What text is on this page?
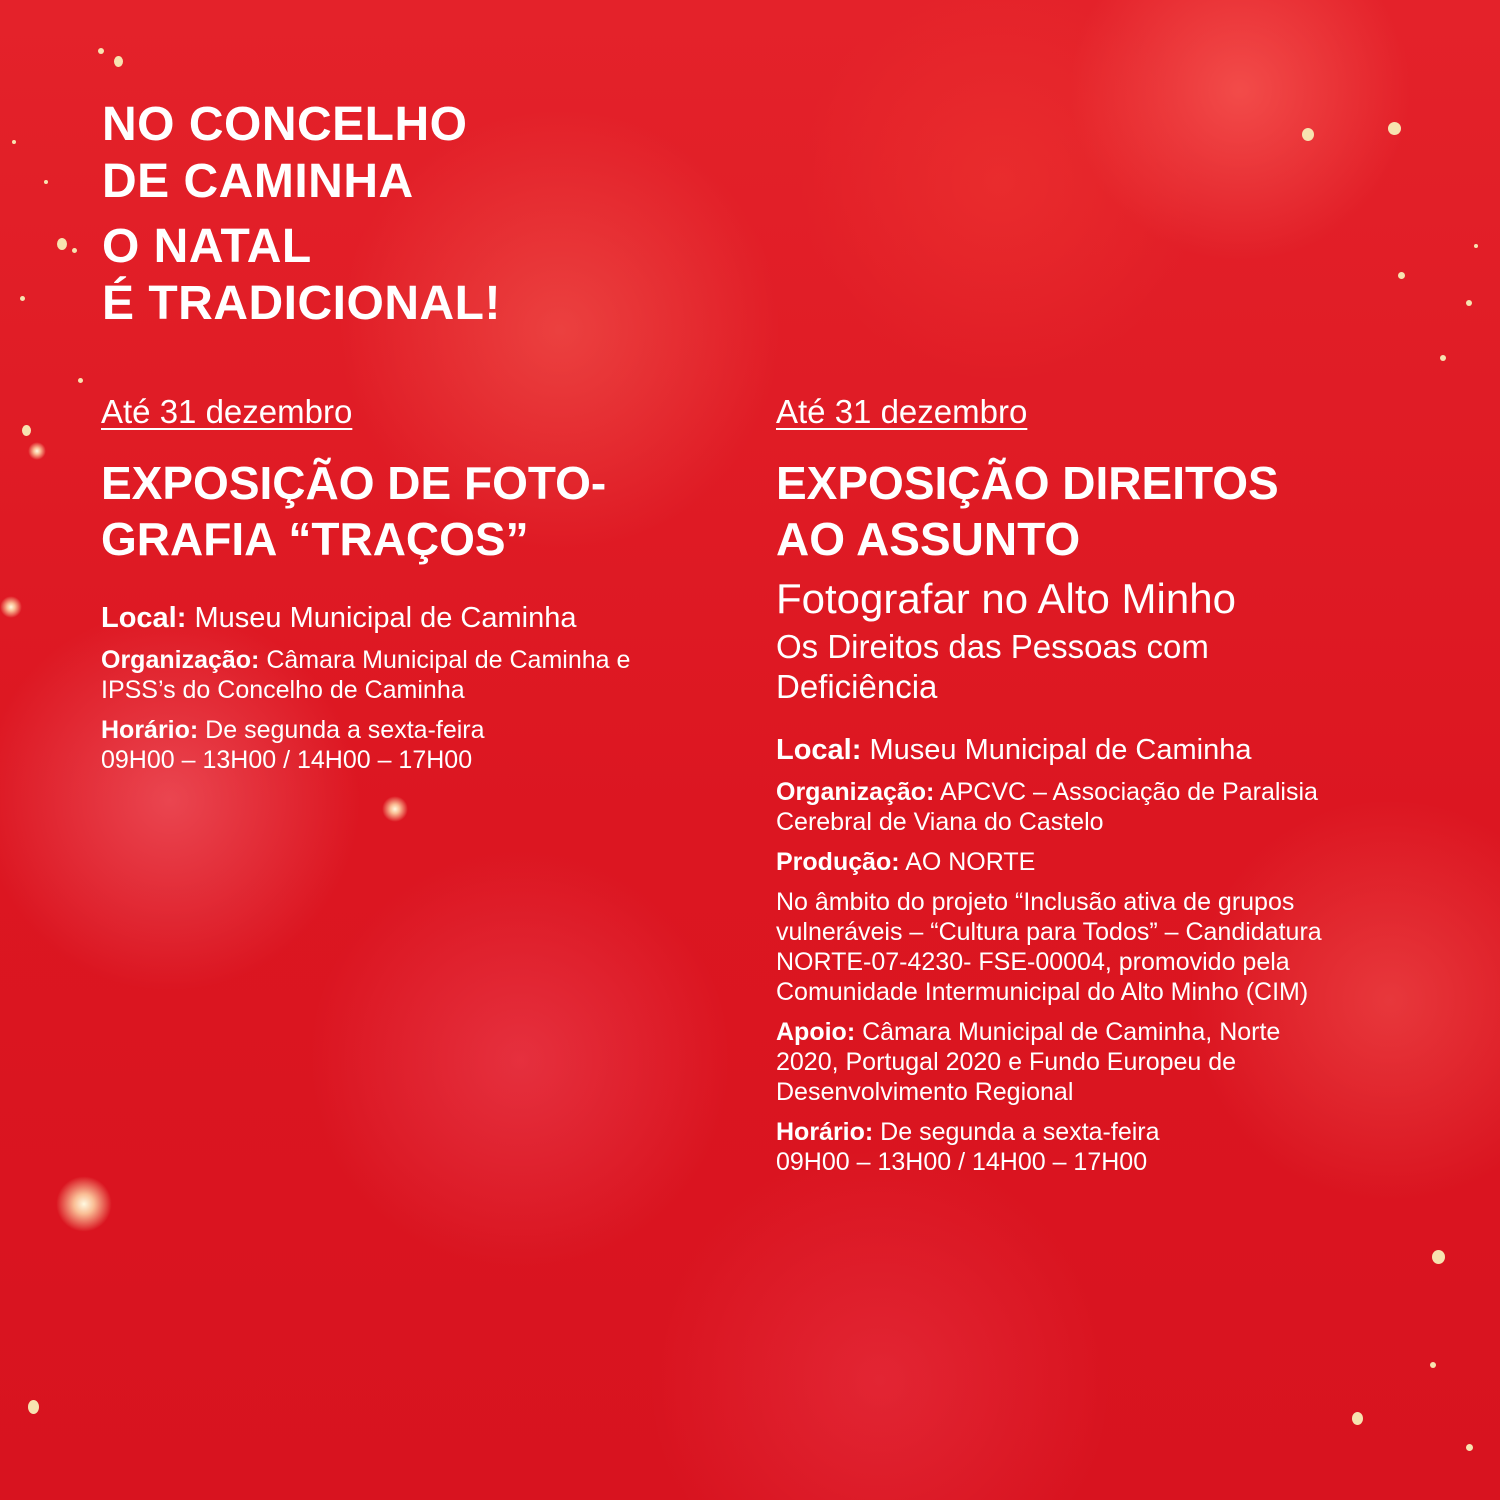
NO CONCELHO
DE CAMINHA
O NATAL
É TRADICIONAL!
Até 31 dezembro
EXPOSIÇÃO DE FOTO-
GRAFIA “TRAÇOS”
Local: Museu Municipal de Caminha
Organização: Câmara Municipal de Caminha e
IPSS’s do Concelho de Caminha
Horário: De segunda a sexta-feira
09H00 – 13H00 / 14H00 – 17H00
Até 31 dezembro
EXPOSIÇÃO DIREITOS
AO ASSUNTO
Fotografar no Alto Minho
Os Direitos das Pessoas com
Deficiência
Local: Museu Municipal de Caminha
Organização: APCVC – Associação de Paralisia
Cerebral de Viana do Castelo
Produção: AO NORTE
No âmbito do projeto “Inclusão ativa de grupos
vulneráveis – “Cultura para Todos” – Candidatura
NORTE-07-4230- FSE-00004, promovido pela
Comunidade Intermunicipal do Alto Minho (CIM)
Apoio: Câmara Municipal de Caminha, Norte
2020, Portugal 2020 e Fundo Europeu de
Desenvolvimento Regional
Horário: De segunda a sexta-feira
09H00 – 13H00 / 14H00 – 17H00
